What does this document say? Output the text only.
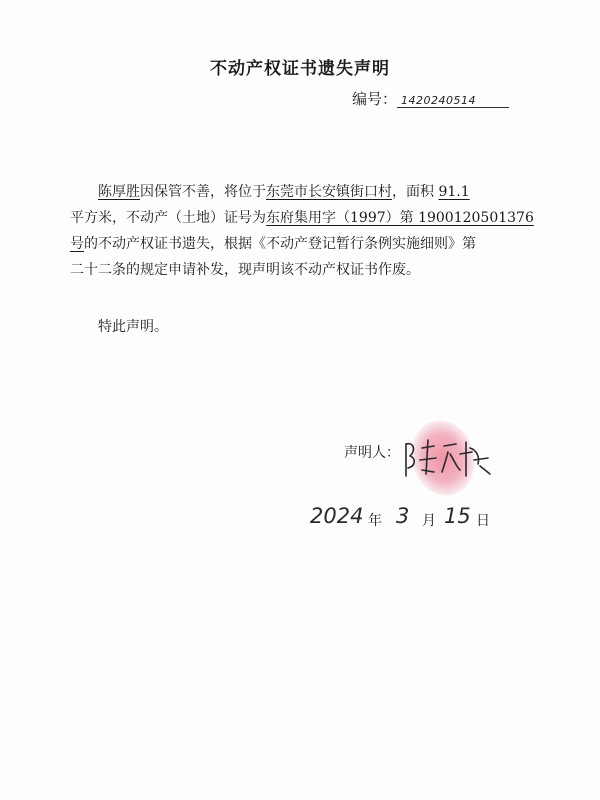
不动产权证书遗失声明
编号： 1420240514
陈厚胜因保管不善，将位于东莞市长安镇街口村，面积 91.1
平方米，不动产（土地）证号为东府集用字（1997）第 1900120501376
号的不动产权证书遗失，根据《不动产登记暂行条例实施细则》第
二十二条的规定申请补发，现声明该不动产权证书作废。
特此声明。
声明人：
2024 年 3 月 15 日
